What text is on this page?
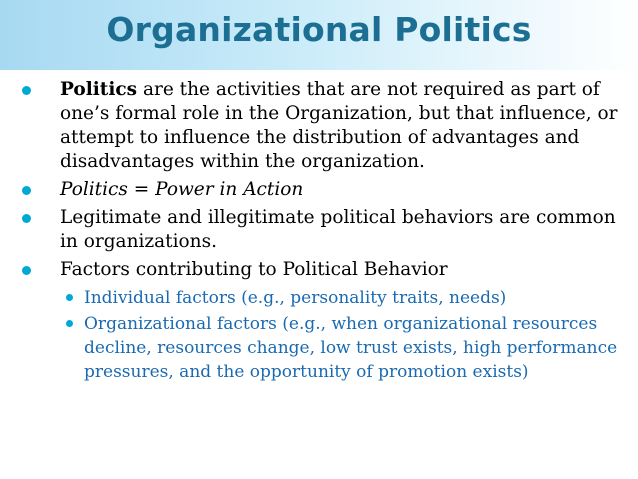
Organizational Politics
Politics are the activities that are not required as part of one’s formal role in the Organization, but that influence, or attempt to influence the distribution of advantages and disadvantages within the organization.
Politics = Power in Action
Legitimate and illegitimate political behaviors are common in organizations.
Factors contributing to Political Behavior
Individual factors (e.g., personality traits, needs)
Organizational factors (e.g., when organizational resources decline, resources change, low trust exists, high performance pressures, and the opportunity of promotion exists)
